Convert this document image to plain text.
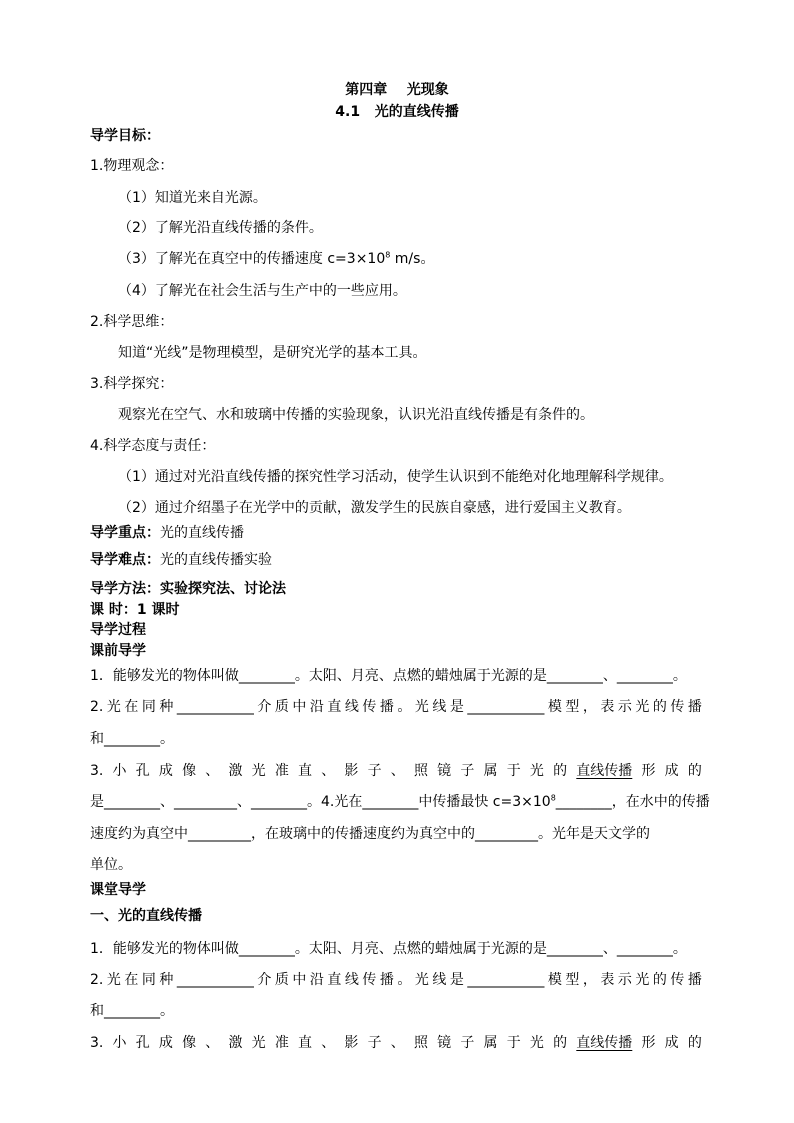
第四章    光现象
4.1   光的直线传播
导学目标：
1.物理观念：
（1）知道光来自光源。
（2）了解光沿直线传播的条件。
（3）了解光在真空中的传播速度 $c=3\times 10^8$ m/s。
（4）了解光在社会生活与生产中的一些应用。
2.科学思维：
知道“光线”是物理模型，是研究光学的基本工具。
3.科学探究：
观察光在空气、水和玻璃中传播的实验现象，认识光沿直线传播是有条件的。
4.科学态度与责任：
（1）通过对光沿直线传播的探究性学习活动，使学生认识到不能绝对化地理解科学规律。
（2）通过介绍墨子在光学中的贡献，激发学生的民族自豪感，进行爱国主义教育。
导学重点：光的直线传播
导学难点：光的直线传播实验
导学方法：实验探究法、讨论法
课 时：1 课时
导学过程
课前导学
1．能够发光的物体叫做________。太阳、月亮、点燃的蜡烛属于光源的是________、________。
2. 光 在 同 种 ___________ 介 质 中 沿 直 线 传 播 。 光 线 是 ___________ 模 型 ， 表 示 光 的 传 播
和________。
3. 小 孔 成 像 、 激 光 准 直 、 影 子 、 照 镜 子 属 于 光 的 直线传播 形 成 的
是________、_________、________。4.光在________中传播最快 $c=3\times 10^8\_\_\_\_\_\_\_\_$，在水中的传播
速度约为真空中_________，在玻璃中的传播速度约为真空中的_________。光年是天文学的
单位。
课堂导学
一、光的直线传播
1．能够发光的物体叫做________。太阳、月亮、点燃的蜡烛属于光源的是________、________。
2. 光 在 同 种 ___________ 介 质 中 沿 直 线 传 播 。 光 线 是 ___________ 模 型 ， 表 示 光 的 传 播
和________。
3. 小 孔 成 像 、 激 光 准 直 、 影 子 、 照 镜 子 属 于 光 的 直线传播 形 成 的
